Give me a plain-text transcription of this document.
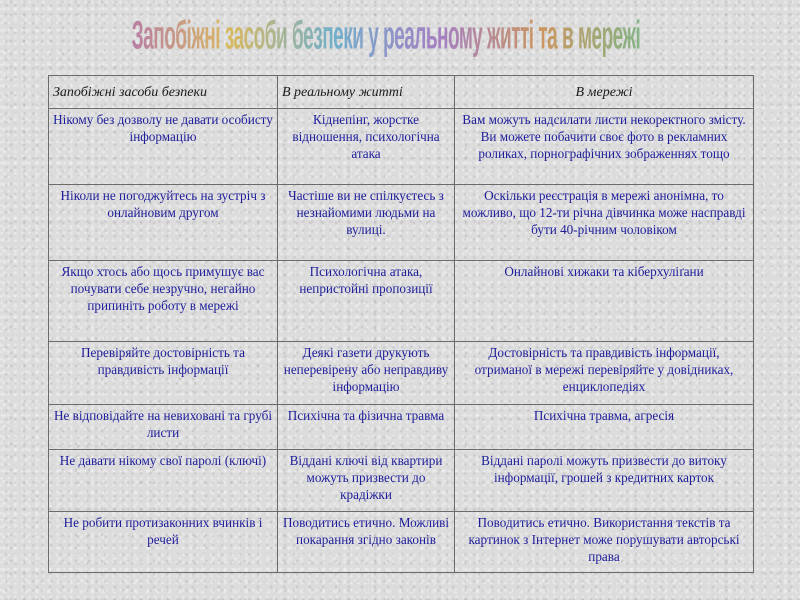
Запобіжні засоби безпеки у реальному житті та в мережі
Запобіжні засоби безпеки	В реальному житті	В мережі
Нікому без дозволу не давати особисту інформацію	Кіднепінг, жорстке відношення, психологічна атака	Вам можуть надсилати листи некоректного змісту. Ви можете побачити своє фото в рекламних роликах, порнографічних зображеннях тощо
Ніколи не погоджуйтесь на зустріч з онлайновим другом	Частіше ви не спілкуєтесь з незнайомими людьми на вулиці.	Оскільки реєстрація в мережі анонімна, то можливо, що 12-ти річна дівчинка може насправді бути 40-річним чоловіком
Якщо хтось або щось примушує вас почувати себе незручно, негайно припиніть роботу в мережі	Психологічна атака, непристойні пропозиції	Онлайнові хижаки та кіберхуліґани
Перевіряйте достовірність та правдивість інформації	Деякі газети друкують неперевірену або неправдиву інформацію	Достовірність та правдивість інформації, отриманої в мережі перевіряйте у довідниках, енциклопедіях
Не відповідайте на невиховані та грубі листи	Психічна та фізична травма	Психічна травма, агресія
Не давати нікому свої паролі (ключі)	Віддані ключі від квартири можуть призвести до крадіжки	Віддані паролі можуть призвести до витоку інформації, грошей з кредитних карток
Не робити протизаконних вчинків і речей	Поводитись етично. Можливі покарання згідно законів	Поводитись етично. Використання текстів та картинок з Інтернет може порушувати авторські права
